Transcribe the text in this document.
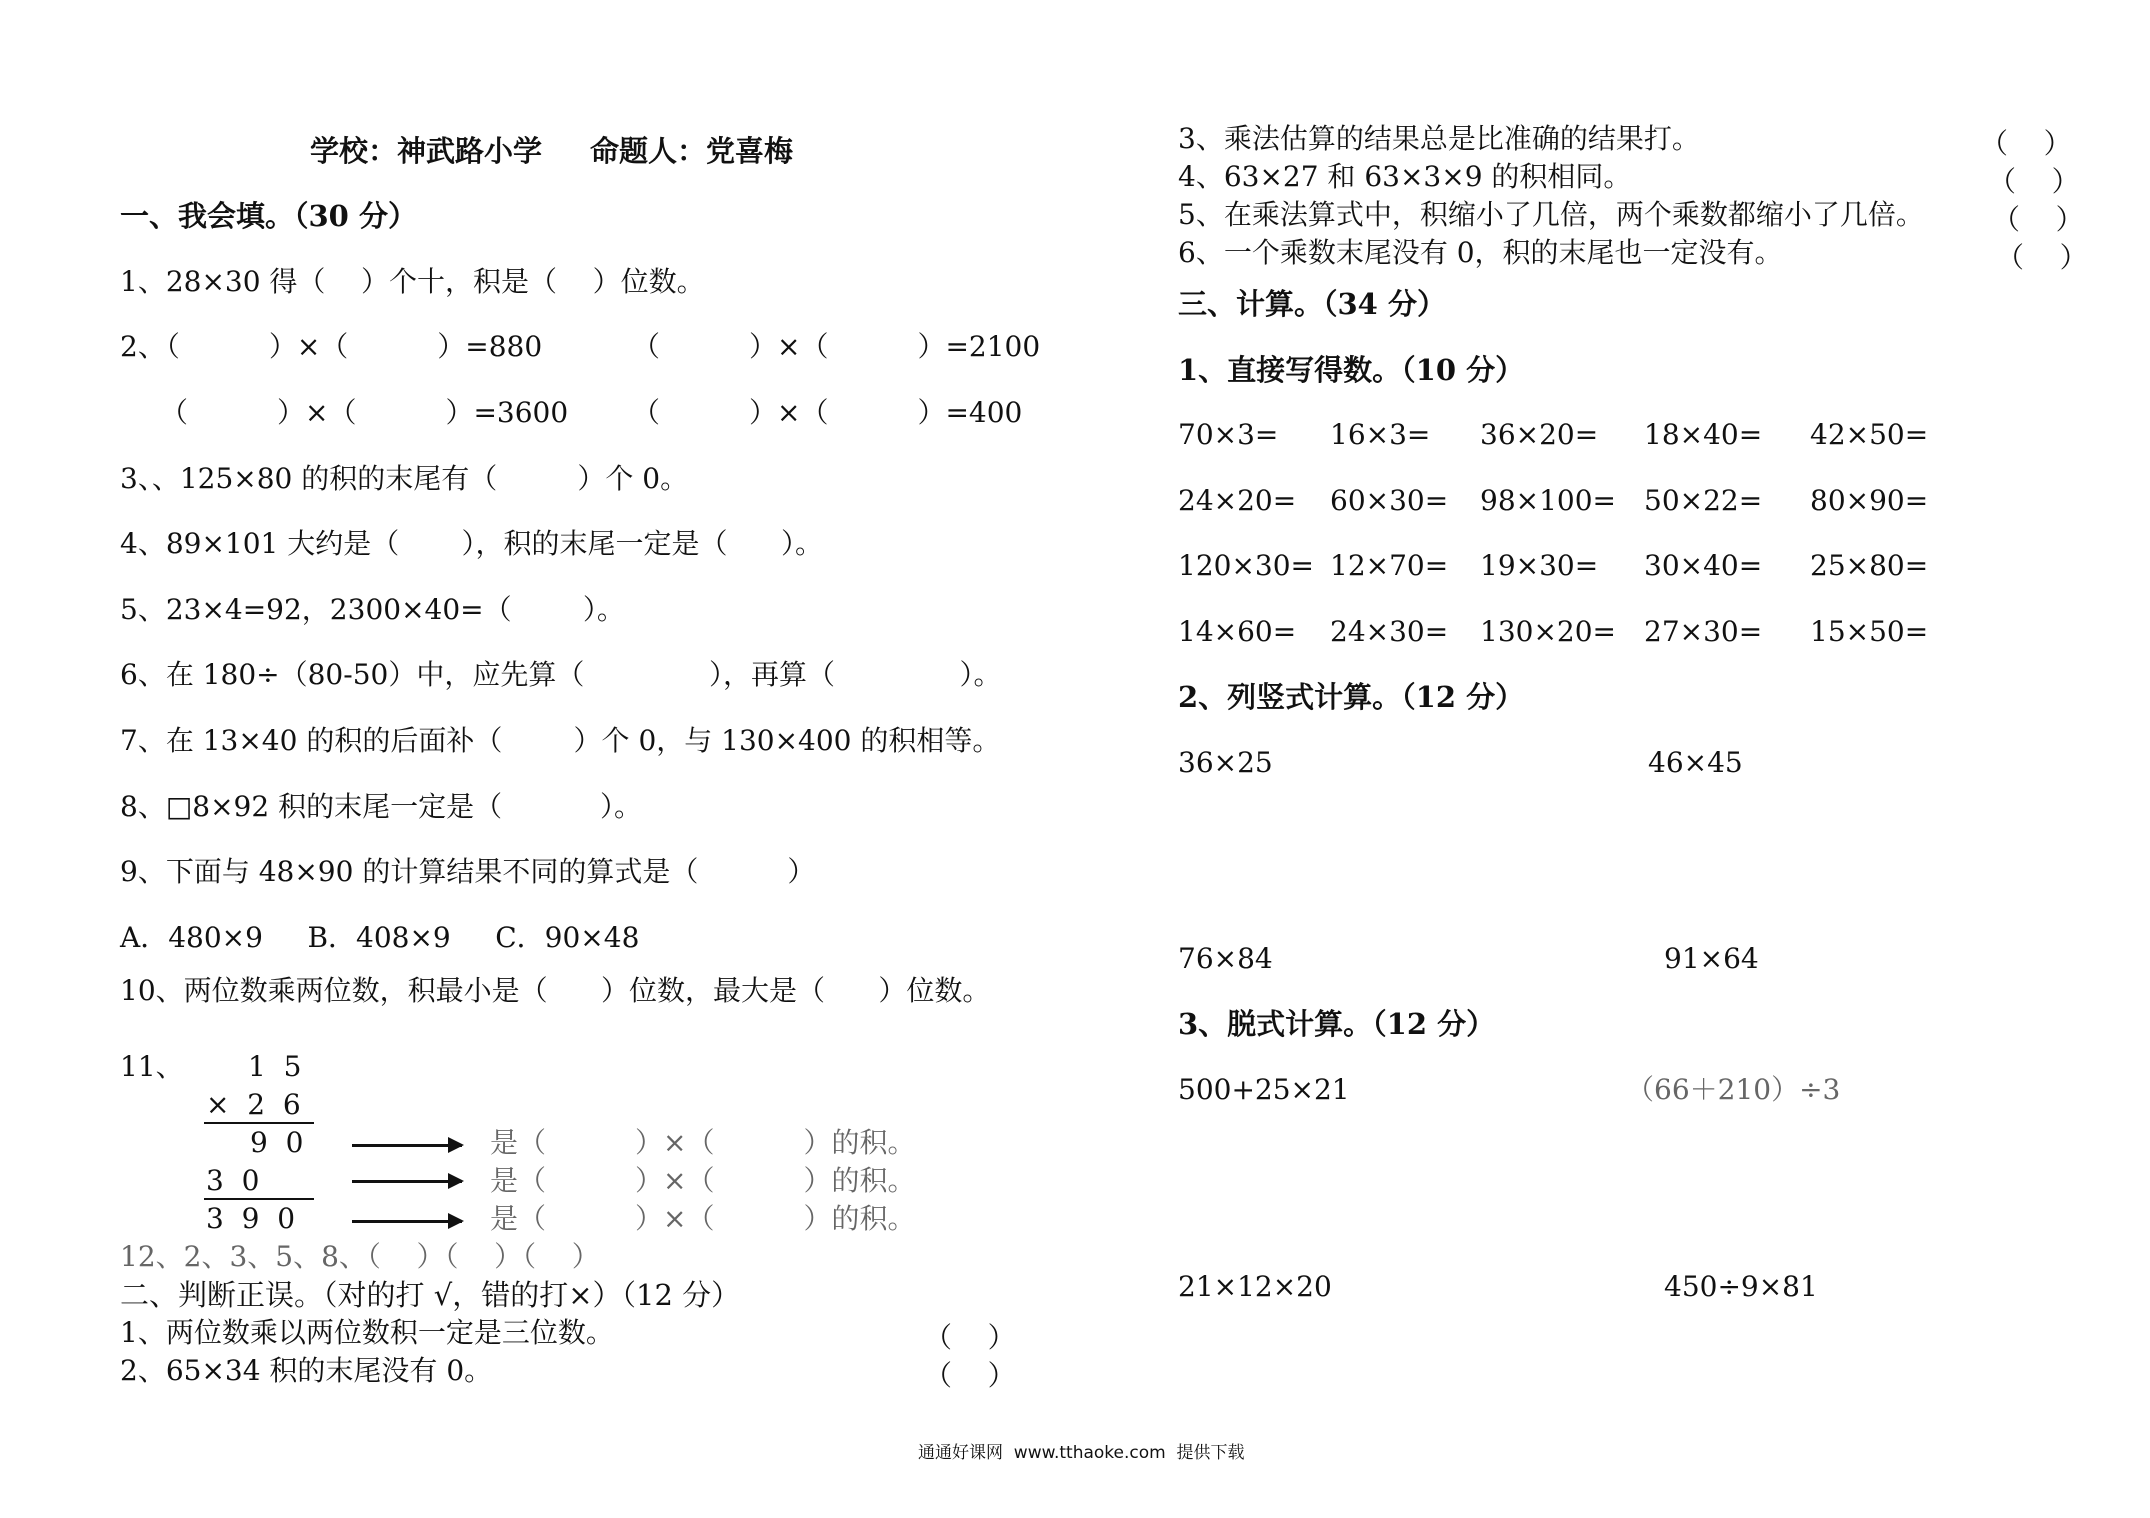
学校：神武路小学 命题人：党喜梅
一、我会填。（30 分）
1、28×30 得（    ）个十，积是（    ）位数。
2、（          ）×（          ）=880	（          ）×（          ）=2100
（          ）×（          ）=3600 （          ）×（          ）=400
3、、125×80 的积的末尾有（         ）个 0。
4、89×101 大约是（       ），积的末尾一定是（      ）。
5、23×4=92，2300×40=（        ）。
6、在 180÷（80-50）中，应先算（              ），再算（              ）。
7、在 13×40 的积的后面补（        ）个 0，与 130×400 的积相等。
8、□8×92 积的末尾一定是（           ）。
9、下面与 48×90 的计算结果不同的算式是（          ）
A．480×9     B．408×9     C．90×48
10、两位数乘两位数，积最小是（      ）位数，最大是（      ）位数。
11、 1  5
×  2  6
9  0
3  0
3  9  0
是（          ）×（          ）的积。
是（          ）×（          ）的积。
是（          ）×（          ）的积。
12、2、3、5、8、（    ）（    ）（    ）
二、判断正误。（对的打 √，错的打×）（12 分）
1、两位数乘以两位数积一定是三位数。	（    ）
2、65×34 积的末尾没有 0。	（    ）
3、乘法估算的结果总是比准确的结果打。	（    ）
4、63×27 和 63×3×9 的积相同。	（    ）
5、在乘法算式中，积缩小了几倍，两个乘数都缩小了几倍。 （    ）
6、一个乘数末尾没有 0，积的末尾也一定没有。	（    ）
三、计算。（34 分）
1、直接写得数。（10 分）
70×3= 16×3= 36×20= 18×40= 42×50=
24×20= 60×30= 98×100= 50×22= 80×90=
120×30= 12×70= 19×30= 30×40= 25×80=
14×60= 24×30= 130×20= 27×30= 15×50=
2、列竖式计算。（12 分）
36×25	46×45
76×84	91×64
3、脱式计算。（12 分）
500+25×21	（66＋210）÷3
21×12×20	450÷9×81
通通好课网  www.tthaoke.com  提供下载
